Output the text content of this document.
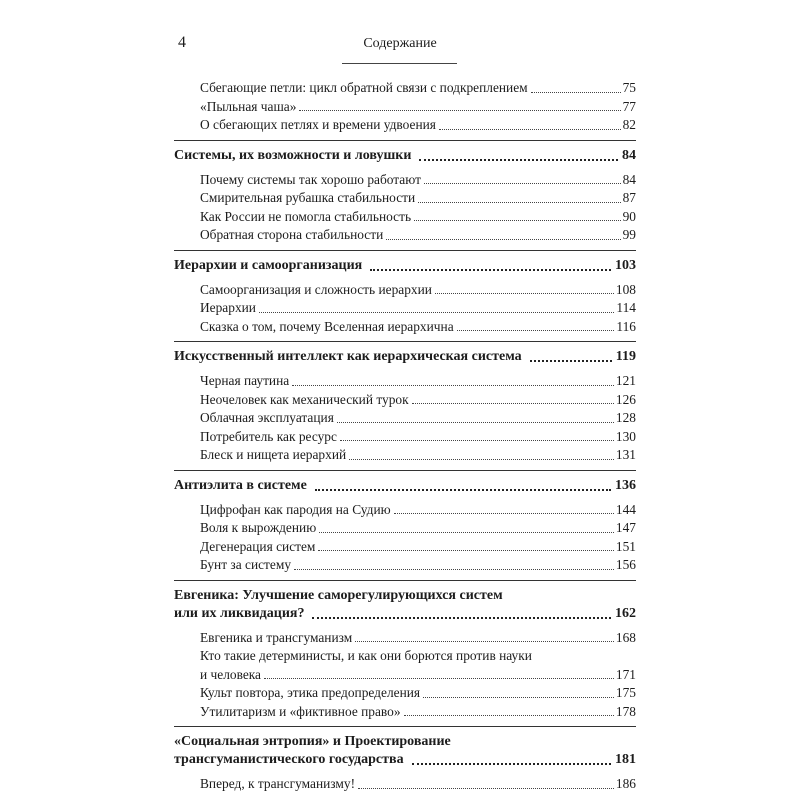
4	Содержание
Сбегающие петли: цикл обратной связи с подкреплением	75
«Пыльная чаша»	77
О сбегающих петлях и времени удвоения	82
Системы, их возможности и ловушки	84
Почему системы так хорошо работают	84
Смирительная рубашка стабильности	87
Как России не помогла стабильность	90
Обратная сторона стабильности	99
Иерархии и самоорганизация	103
Самоорганизация и сложность иерархии	108
Иерархии	114
Сказка о том, почему Вселенная иерархична	116
Искусственный интеллект как иерархическая система	119
Черная паутина	121
Неочеловек как механический турок	126
Облачная эксплуатация	128
Потребитель как ресурс	130
Блеск и нищета иерархий	131
Антиэлита в системе	136
Цифрофан как пародия на Судию	144
Воля к вырождению	147
Дегенерация систем	151
Бунт за систему	156
Евгеника: Улучшение саморегулирующихся систем
или их ликвидация?	162
Евгеника и трансгуманизм	168
Кто такие детерминисты, и как они борются против науки
и человека	171
Культ повтора, этика предопределения	175
Утилитаризм и «фиктивное право»	178
«Социальная энтропия» и Проектирование
трансгуманистического государства	181
Вперед, к трансгуманизму!	186
